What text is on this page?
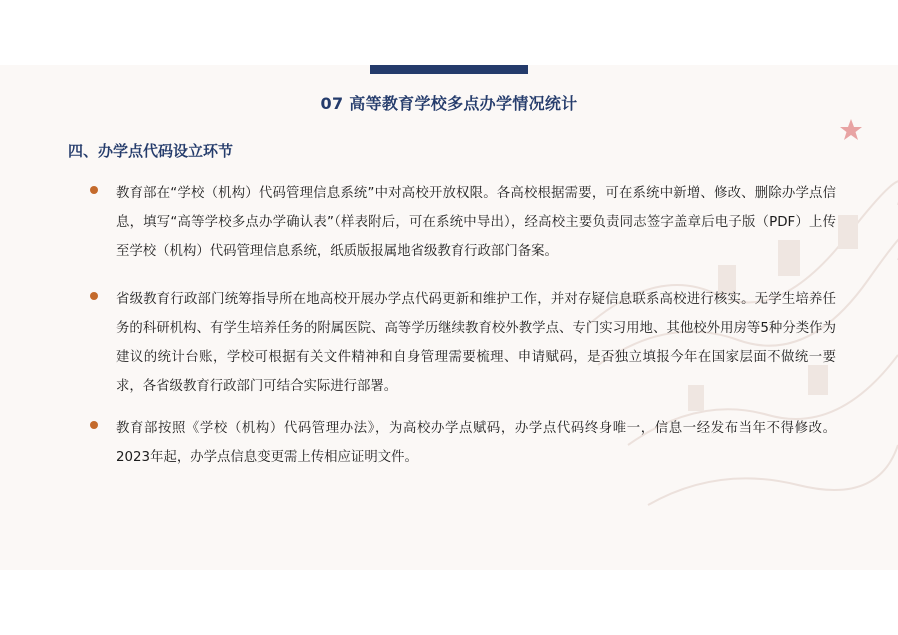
07 高等教育学校多点办学情况统计
四、办学点代码设立环节
教育部在“学校（机构）代码管理信息系统”中对高校开放权限。各高校根据需要，可在系统中新增、修改、删除办学点信息，填写“高等学校多点办学确认表”（样表附后，可在系统中导出），经高校主要负责同志签字盖章后电子版（PDF）上传至学校（机构）代码管理信息系统，纸质版报属地省级教育行政部门备案。
省级教育行政部门统筹指导所在地高校开展办学点代码更新和维护工作，并对存疑信息联系高校进行核实。无学生培养任务的科研机构、有学生培养任务的附属医院、高等学历继续教育校外教学点、专门实习用地、其他校外用房等5种分类作为建议的统计台账，学校可根据有关文件精神和自身管理需要梳理、申请赋码，是否独立填报今年在国家层面不做统一要求，各省级教育行政部门可结合实际进行部署。
教育部按照《学校（机构）代码管理办法》，为高校办学点赋码，办学点代码终身唯一，信息一经发布当年不得修改。2023年起，办学点信息变更需上传相应证明文件。
